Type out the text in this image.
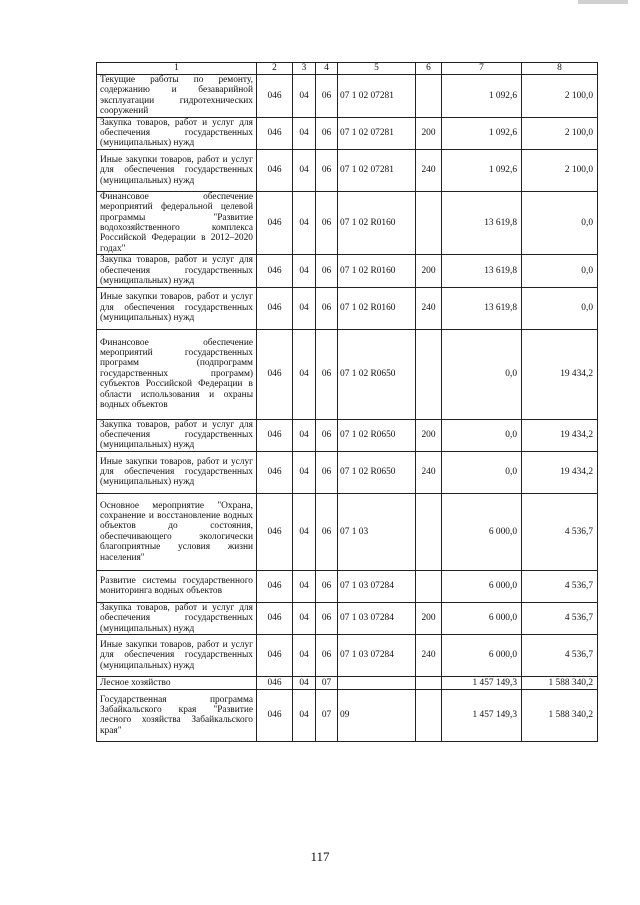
1	2	3	4	5	6	7	8
Текущие работы по ремонту, содержанию и безаварийной эксплуатации гидротехнических сооружений	046	04	06	07 1 02 07281		1 092,6	2 100,0
Закупка товаров, работ и услуг для обеспечения государственных (муниципальных) нужд	046	04	06	07 1 02 07281	200	1 092,6	2 100,0
Иные закупки товаров, работ и услуг для обеспечения государственных (муниципальных) нужд	046	04	06	07 1 02 07281	240	1 092,6	2 100,0
Финансовое обеспечение мероприятий федеральной целевой программы "Развитие водохозяйственного комплекса Российской Федерации в 2012–2020 годах"	046	04	06	07 1 02 R0160		13 619,8	0,0
Закупка товаров, работ и услуг для обеспечения государственных (муниципальных) нужд	046	04	06	07 1 02 R0160	200	13 619,8	0,0
Иные закупки товаров, работ и услуг для обеспечения государственных (муниципальных) нужд	046	04	06	07 1 02 R0160	240	13 619,8	0,0
Финансовое обеспечение мероприятий государственных программ (подпрограмм государственных программ) субъектов Российской Федерации в области использования и охраны водных объектов	046	04	06	07 1 02 R0650		0,0	19 434,2
Закупка товаров, работ и услуг для обеспечения государственных (муниципальных) нужд	046	04	06	07 1 02 R0650	200	0,0	19 434,2
Иные закупки товаров, работ и услуг для обеспечения государственных (муниципальных) нужд	046	04	06	07 1 02 R0650	240	0,0	19 434,2
Основное мероприятие "Охрана, сохранение и восстановление водных объектов до состояния, обеспечивающего экологически благоприятные условия жизни населения"	046	04	06	07 1 03		6 000,0	4 536,7
Развитие системы государственного мониторинга водных объектов	046	04	06	07 1 03 07284		6 000,0	4 536,7
Закупка товаров, работ и услуг для обеспечения государственных (муниципальных) нужд	046	04	06	07 1 03 07284	200	6 000,0	4 536,7
Иные закупки товаров, работ и услуг для обеспечения государственных (муниципальных) нужд	046	04	06	07 1 03 07284	240	6 000,0	4 536,7
Лесное хозяйство	046	04	07			1 457 149,3	1 588 340,2
Государственная программа Забайкальского края "Развитие лесного хозяйства Забайкальского края"	046	04	07	09		1 457 149,3	1 588 340,2
117
